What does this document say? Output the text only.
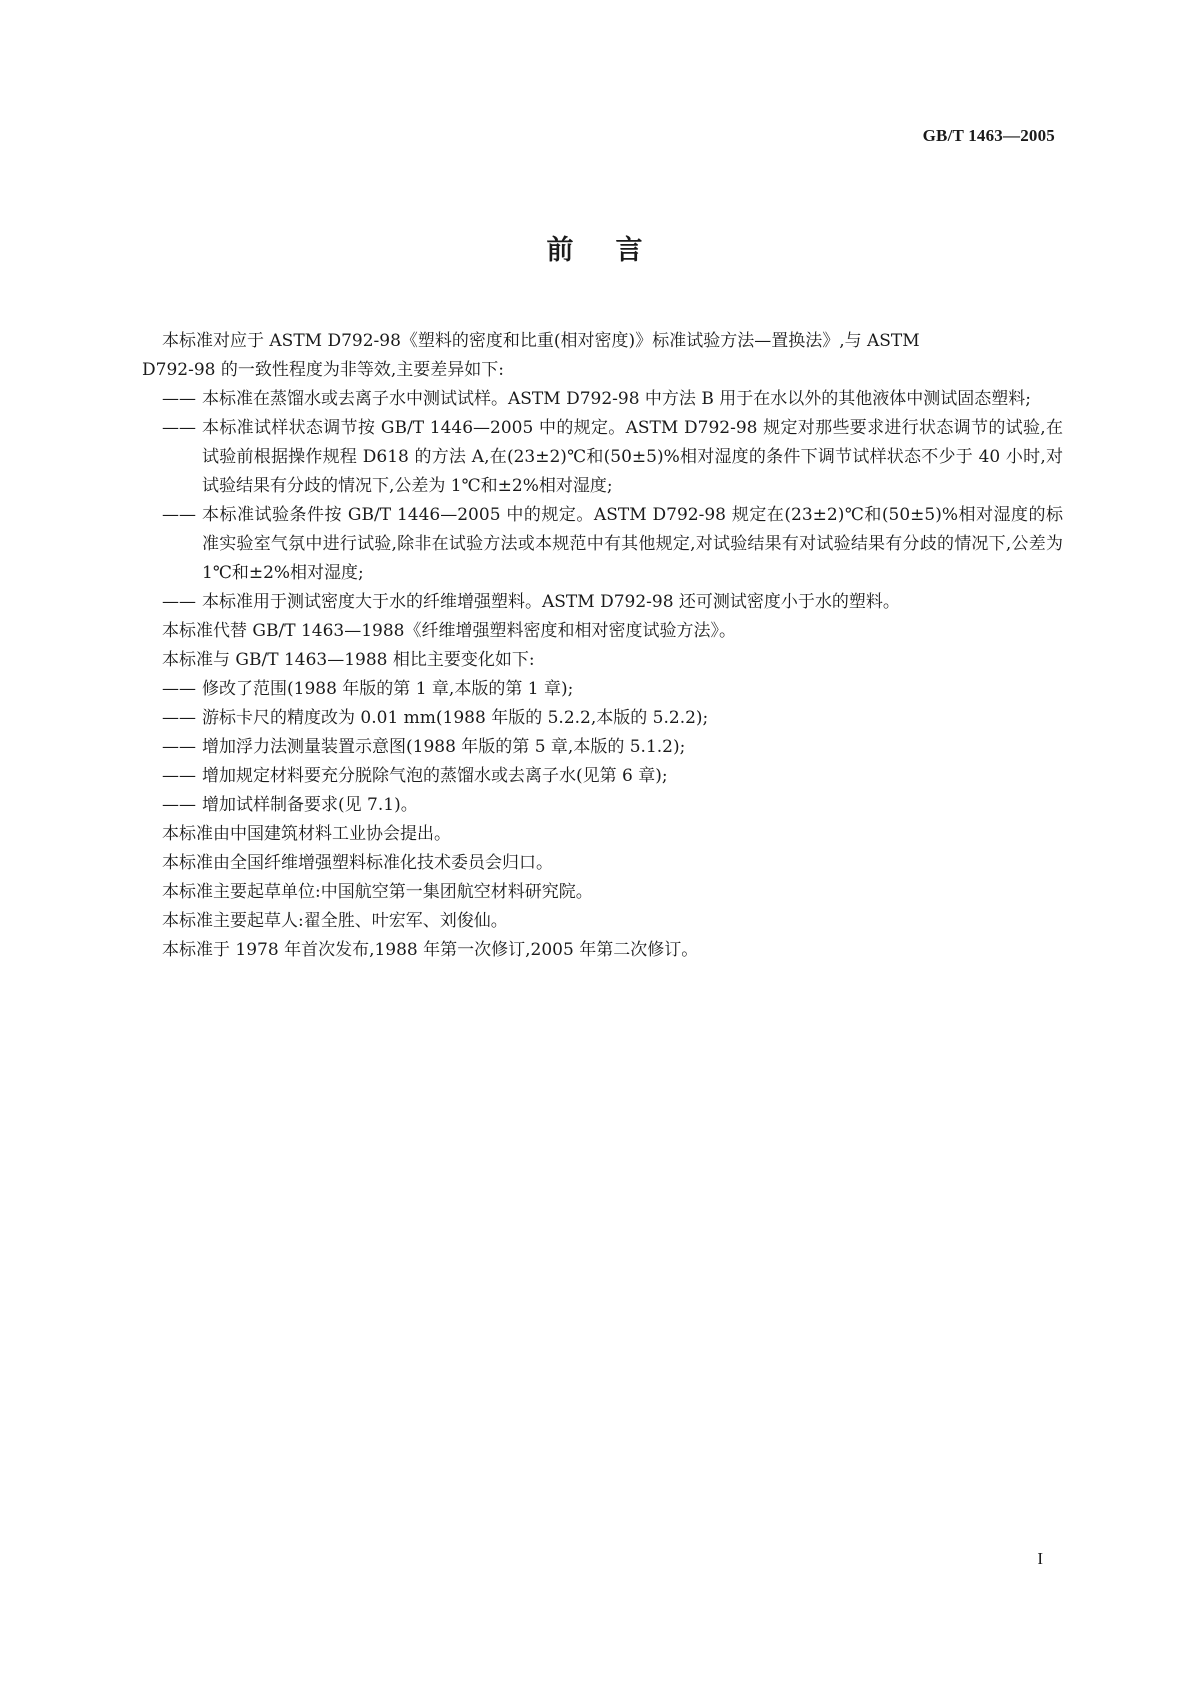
GB/T 1463—2005
前 言

本标准对应于 ASTM D792-98《塑料的密度和比重(相对密度)》标准试验方法—置换法》,与 ASTM
D792-98 的一致性程度为非等效,主要差异如下:

—— 本标准在蒸馏水或去离子水中测试试样。ASTM D792-98 中方法 B 用于在水以外的其他液体中测试固态塑料;

—— 本标准试样状态调节按 GB/T 1446—2005 中的规定。ASTM D792-98 规定对那些要求进行状态调节的试验,在试验前根据操作规程 D618 的方法 A,在(23±2)℃和(50±5)%相对湿度的条件下调节试样状态不少于 40 小时,对试验结果有分歧的情况下,公差为 1℃和±2%相对湿度;

—— 本标准试验条件按 GB/T 1446—2005 中的规定。ASTM D792-98 规定在(23±2)℃和(50±5)%相对湿度的标准实验室气氛中进行试验,除非在试验方法或本规范中有其他规定,对试验结果有对试验结果有分歧的情况下,公差为 1℃和±2%相对湿度;

—— 本标准用于测试密度大于水的纤维增强塑料。ASTM D792-98 还可测试密度小于水的塑料。

本标准代替 GB/T 1463—1988《纤维增强塑料密度和相对密度试验方法》。

本标准与 GB/T 1463—1988 相比主要变化如下:

—— 修改了范围(1988 年版的第 1 章,本版的第 1 章);

—— 游标卡尺的精度改为 0.01 mm(1988 年版的 5.2.2,本版的 5.2.2);

—— 增加浮力法测量装置示意图(1988 年版的第 5 章,本版的 5.1.2);

—— 增加规定材料要充分脱除气泡的蒸馏水或去离子水(见第 6 章);

—— 增加试样制备要求(见 7.1)。

本标准由中国建筑材料工业协会提出。

本标准由全国纤维增强塑料标准化技术委员会归口。

本标准主要起草单位:中国航空第一集团航空材料研究院。

本标准主要起草人:翟全胜、叶宏军、刘俊仙。

本标准于 1978 年首次发布,1988 年第一次修订,2005 年第二次修订。

I
